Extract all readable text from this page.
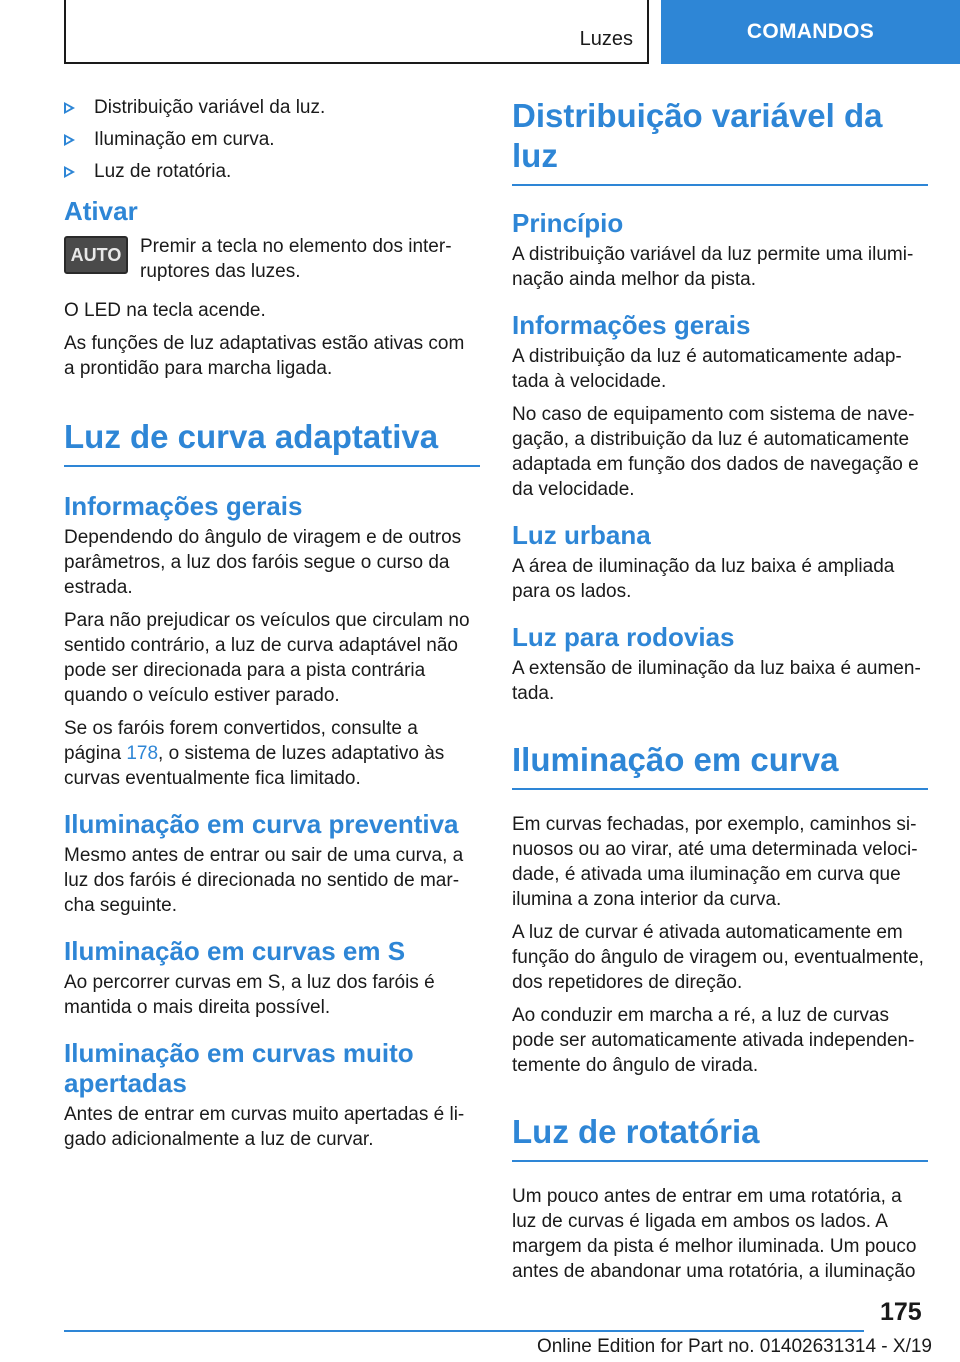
Luzes	COMANDOS
Distribuição variável da luz.
Iluminação em curva.
Luz de rotatória.
Ativar
AUTO Premir a tecla no elemento dos interruptores das luzes.

O LED na tecla acende.

As funções de luz adaptativas estão ativas com a prontidão para marcha ligada.

Luz de curva adaptativa
Informações gerais

Dependendo do ângulo de viragem e de outros parâmetros, a luz dos faróis segue o curso da estrada.

Para não prejudicar os veículos que circulam no sentido contrário, a luz de curva adaptável não pode ser direcionada para a pista contrária quando o veículo estiver parado.

Se os faróis forem convertidos, consulte a página 178, o sistema de luzes adaptativo às curvas eventualmente fica limitado.

Iluminação em curva preventiva

Mesmo antes de entrar ou sair de uma curva, a luz dos faróis é direcionada no sentido de marcha seguinte.

Iluminação em curvas em S

Ao percorrer curvas em S, a luz dos faróis é mantida o mais direita possível.

Iluminação em curvas muito apertadas

Antes de entrar em curvas muito apertadas é ligado adicionalmente a luz de curvar.

Distribuição variável da luz
Princípio

A distribuição variável da luz permite uma iluminação ainda melhor da pista.

Informações gerais

A distribuição da luz é automaticamente adaptada à velocidade.

No caso de equipamento com sistema de navegação, a distribuição da luz é automaticamente adaptada em função dos dados de navegação e da velocidade.

Luz urbana

A área de iluminação da luz baixa é ampliada para os lados.

Luz para rodovias

A extensão de iluminação da luz baixa é aumentada.

Iluminação em curva

Em curvas fechadas, por exemplo, caminhos sinuosos ou ao virar, até uma determinada velocidade, é ativada uma iluminação em curva que ilumina a zona interior da curva.

A luz de curvar é ativada automaticamente em função do ângulo de viragem ou, eventualmente, dos repetidores de direção.

Ao conduzir em marcha a ré, a luz de curvas pode ser automaticamente ativada independentemente do ângulo de virada.

Luz de rotatória

Um pouco antes de entrar em uma rotatória, a luz de curvas é ligada em ambos os lados. A margem da pista é melhor iluminada. Um pouco antes de abandonar uma rotatória, a iluminação

175
Online Edition for Part no. 01402631314 - X/19
